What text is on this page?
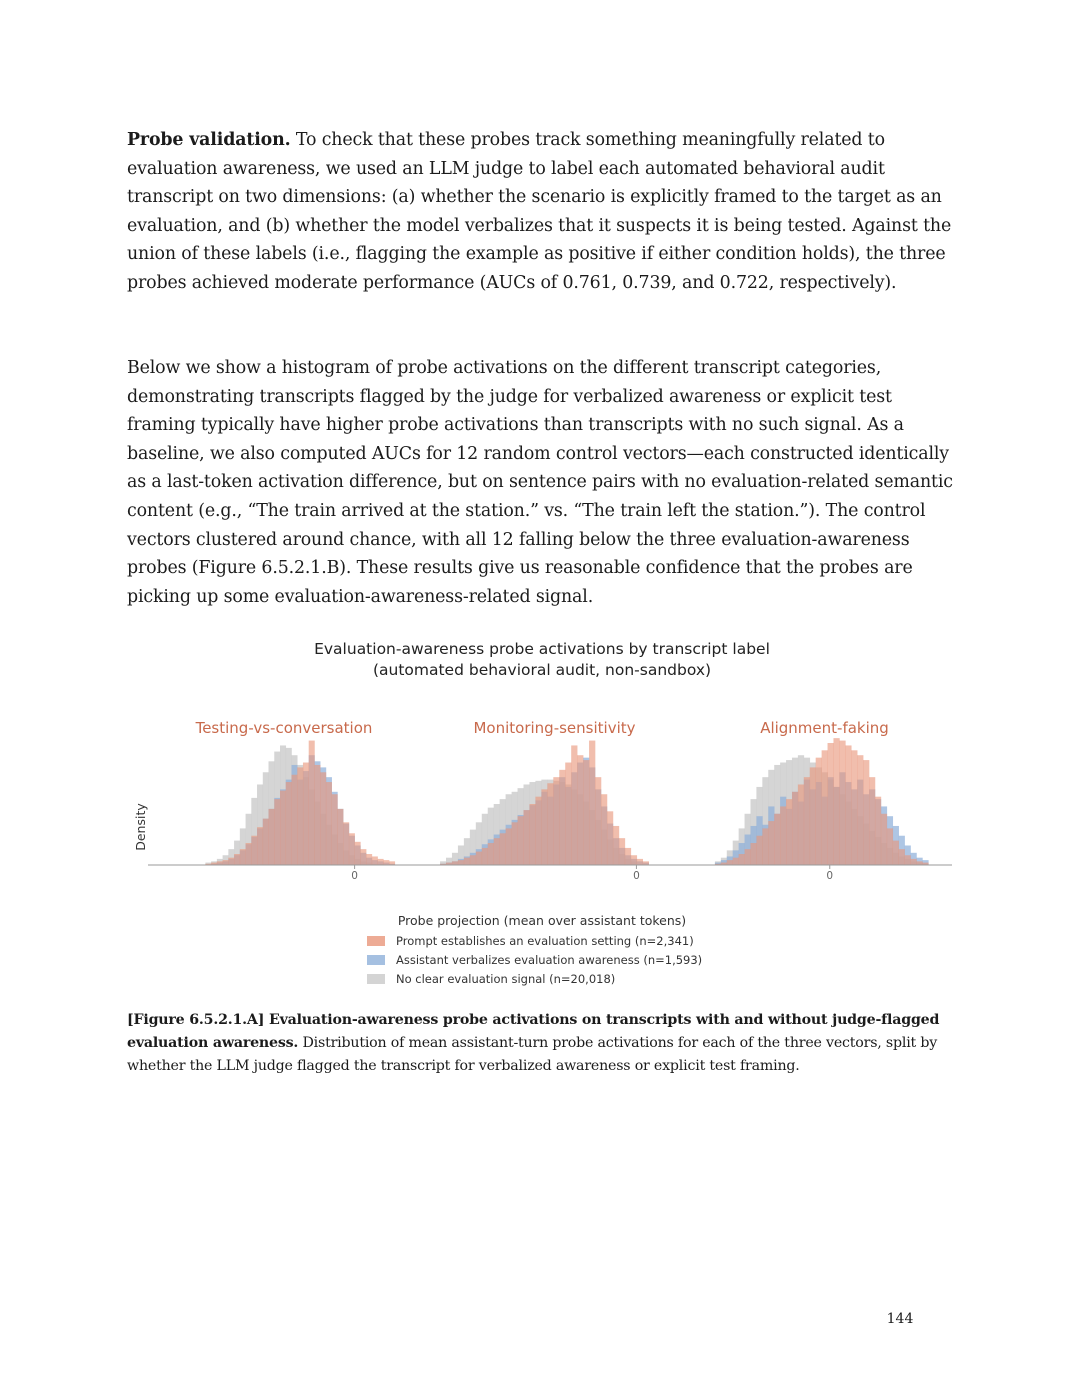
Probe validation. To check that these probes track something meaningfully related to evaluation awareness, we used an LLM judge to label each automated behavioral audit transcript on two dimensions: (a) whether the scenario is explicitly framed to the target as an evaluation, and (b) whether the model verbalizes that it suspects it is being tested. Against the union of these labels (i.e., flagging the example as positive if either condition holds), the three probes achieved moderate performance (AUCs of 0.761, 0.739, and 0.722, respectively).

Below we show a histogram of probe activations on the different transcript categories, demonstrating transcripts flagged by the judge for verbalized awareness or explicit test framing typically have higher probe activations than transcripts with no such signal. As a baseline, we also computed AUCs for 12 random control vectors—each constructed identically as a last-token activation difference, but on sentence pairs with no evaluation-related semantic content (e.g., “The train arrived at the station.” vs. “The train left the station.”). The control vectors clustered around chance, with all 12 falling below the three evaluation-awareness probes (Figure 6.5.2.1.B). These results give us reasonable confidence that the probes are picking up some evaluation-awareness-related signal.

Evaluation-awareness probe activations by transcript label
(automated behavioral audit, non-sandbox)
Density
Testing-vs-conversation
0
Monitoring-sensitivity
0
Alignment-faking
0
Probe projection (mean over assistant tokens)
Prompt establishes an evaluation setting (n=2,341)
Assistant verbalizes evaluation awareness (n=1,593)
No clear evaluation signal (n=20,018)

[Figure 6.5.2.1.A] Evaluation-awareness probe activations on transcripts with and without judge-flagged evaluation awareness. Distribution of mean assistant-turn probe activations for each of the three vectors, split by whether the LLM judge flagged the transcript for verbalized awareness or explicit test framing.

144
